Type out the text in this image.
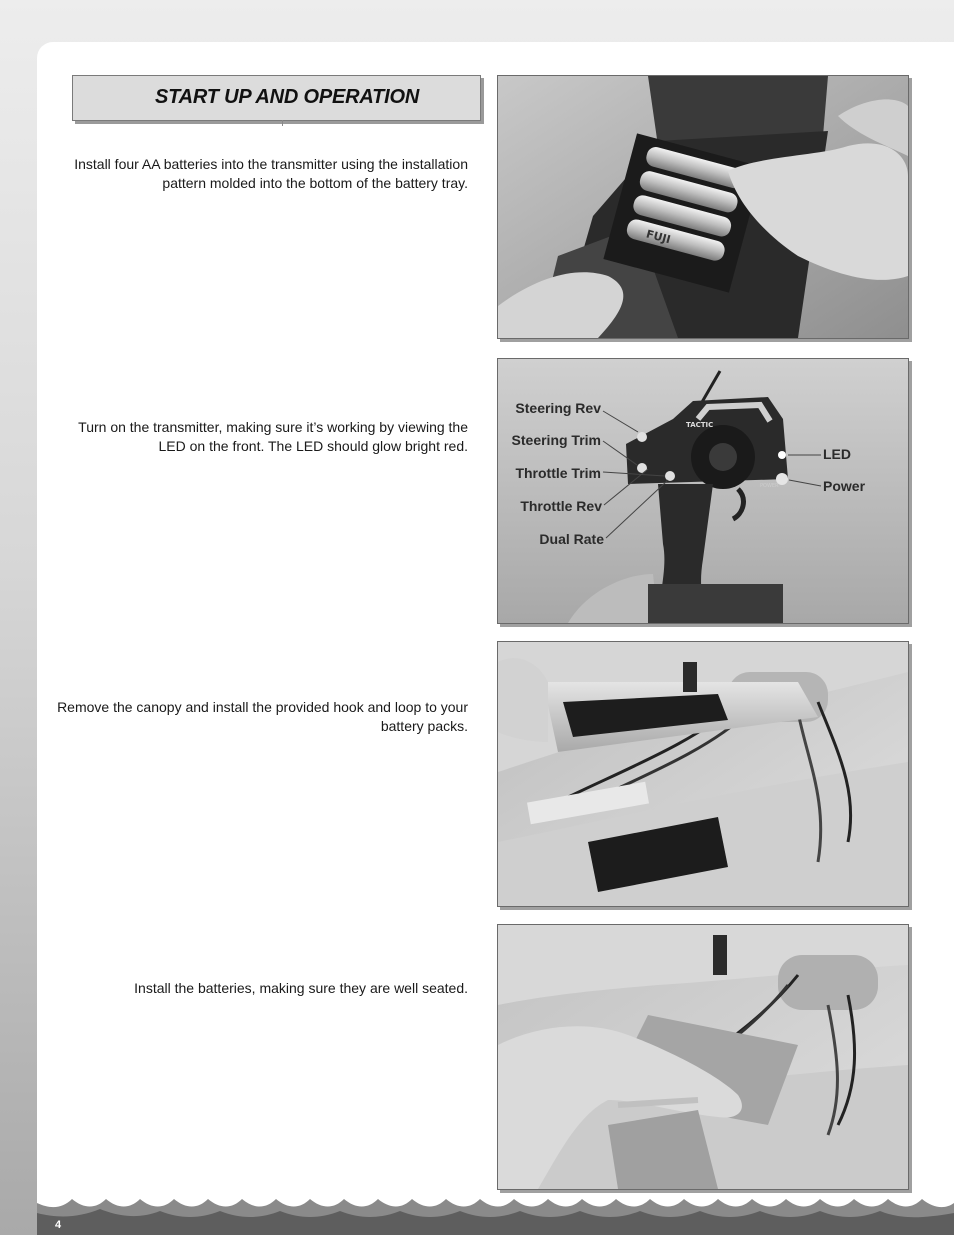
START UP AND OPERATION
Install four AA batteries into the transmitter using the installation pattern molded into the bottom of the battery tray.
FUJI
Turn on the transmitter, making sure it’s working by viewing the LED on the front. The LED should glow bright red.
TACTIC
POWER
Steering Rev
Steering Trim
Throttle Trim
Throttle Rev
Dual Rate
LED
Power
Remove the canopy and install the provided hook and loop to your battery packs.
Install the batteries, making sure they are well seated.
4
